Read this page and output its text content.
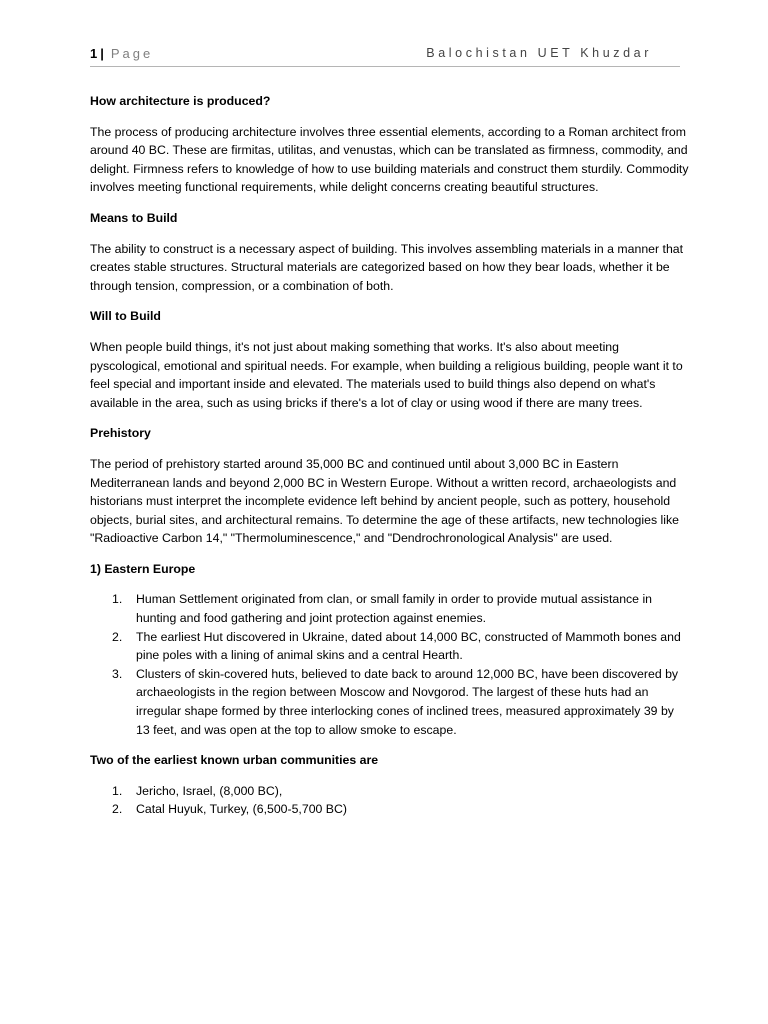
1 | Page	Balochistan UET Khuzdar

How architecture is produced?

The process of producing architecture involves three essential elements, according to a Roman architect from around 40 BC. These are firmitas, utilitas, and venustas, which can be translated as firmness, commodity, and delight. Firmness refers to knowledge of how to use building materials and construct them sturdily. Commodity involves meeting functional requirements, while delight concerns creating beautiful structures.

Means to Build

The ability to construct is a necessary aspect of building. This involves assembling materials in a manner that creates stable structures. Structural materials are categorized based on how they bear loads, whether it be through tension, compression, or a combination of both.

Will to Build

When people build things, it's not just about making something that works. It's also about meeting pyscological, emotional and spiritual needs. For example, when building a religious building, people want it to feel special and important inside and elevated. The materials used to build things also depend on what's available in the area, such as using bricks if there's a lot of clay or using wood if there are many trees.

Prehistory

The period of prehistory started around 35,000 BC and continued until about 3,000 BC in Eastern Mediterranean lands and beyond 2,000 BC in Western Europe. Without a written record, archaeologists and historians must interpret the incomplete evidence left behind by ancient people, such as pottery, household objects, burial sites, and architectural remains. To determine the age of these artifacts, new technologies like "Radioactive Carbon 14," "Thermoluminescence," and "Dendrochronological Analysis" are used.

1) Eastern Europe

1. Human Settlement originated from clan, or small family in order to provide mutual assistance in hunting and food gathering and joint protection against enemies.
2. The earliest Hut discovered in Ukraine, dated about 14,000 BC, constructed of Mammoth bones and pine poles with a lining of animal skins and a central Hearth.
3. Clusters of skin-covered huts, believed to date back to around 12,000 BC, have been discovered by archaeologists in the region between Moscow and Novgorod. The largest of these huts had an irregular shape formed by three interlocking cones of inclined trees, measured approximately 39 by 13 feet, and was open at the top to allow smoke to escape.

Two of the earliest known urban communities are

1. Jericho, Israel, (8,000 BC),
2. Catal Huyuk, Turkey, (6,500-5,700 BC)
